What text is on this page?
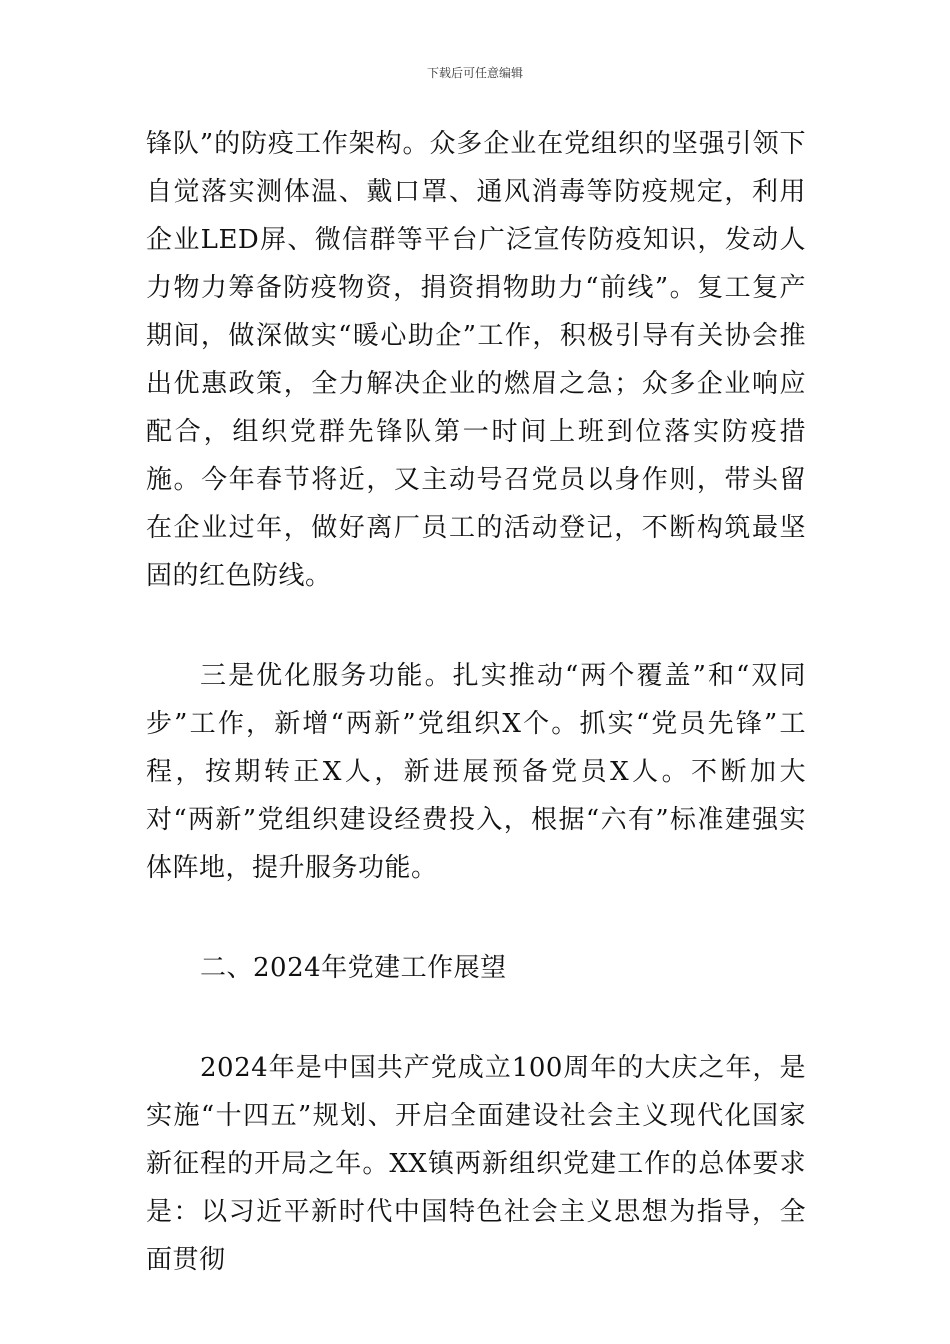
下载后可任意编辑

锋队”的防疫工作架构。众多企业在党组织的坚强引领下自觉落实测体温、戴口罩、通风消毒等防疫规定，利用企业LED屏、微信群等平台广泛宣传防疫知识，发动人力物力筹备防疫物资，捐资捐物助力“前线”。复工复产期间，做深做实“暖心助企”工作，积极引导有关协会推出优惠政策，全力解决企业的燃眉之急；众多企业响应配合，组织党群先锋队第一时间上班到位落实防疫措施。今年春节将近，又主动号召党员以身作则，带头留在企业过年，做好离厂员工的活动登记，不断构筑最坚固的红色防线。

三是优化服务功能。扎实推动“两个覆盖”和“双同步”工作，新增“两新”党组织X个。抓实“党员先锋”工程，按期转正X人，新进展预备党员X人。不断加大对“两新”党组织建设经费投入，根据“六有”标准建强实体阵地，提升服务功能。

二、2024年党建工作展望

2024年是中国共产党成立100周年的大庆之年，是实施“十四五”规划、开启全面建设社会主义现代化国家新征程的开局之年。XX镇两新组织党建工作的总体要求是：以习近平新时代中国特色社会主义思想为指导，全面贯彻
